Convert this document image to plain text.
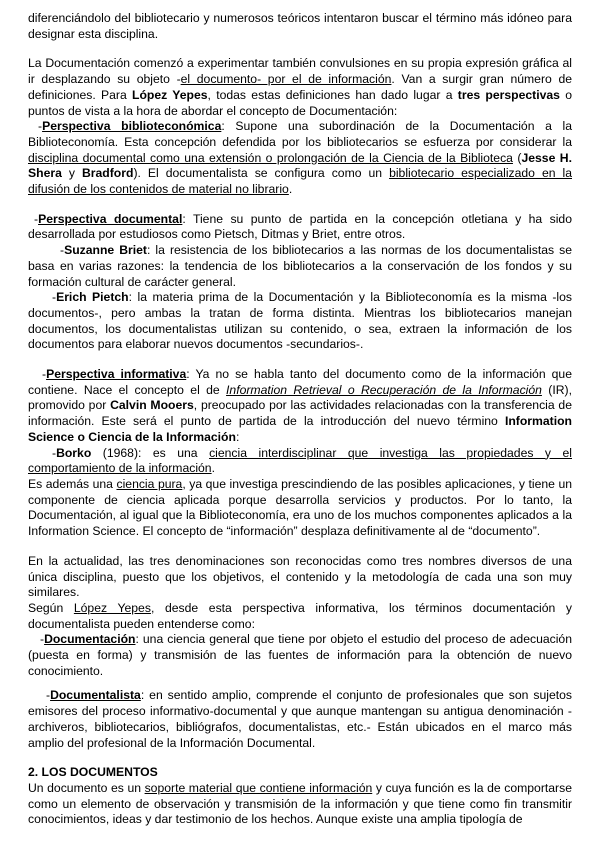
diferenciándolo del bibliotecario y numerosos teóricos intentaron buscar el término más idóneo para designar esta disciplina.

La Documentación comenzó a experimentar también convulsiones en su propia expresión gráfica al ir desplazando su objeto -el documento- por el de información. Van a surgir gran número de definiciones. Para López Yepes, todas estas definiciones han dado lugar a tres perspectivas o puntos de vista a la hora de abordar el concepto de Documentación:

-Perspectiva biblioteconómica: Supone una subordinación de la Documentación a la Biblioteconomía. Esta concepción defendida por los bibliotecarios se esfuerza por considerar la disciplina documental como una extensión o prolongación de la Ciencia de la Biblioteca (Jesse H. Shera y Bradford). El documentalista se configura como un bibliotecario especializado en la difusión de los contenidos de material no librario.

-Perspectiva documental: Tiene su punto de partida en la concepción otletiana y ha sido desarrollada por estudiosos como Pietsch, Ditmas y Briet, entre otros.

-Suzanne Briet: la resistencia de los bibliotecarios a las normas de los documentalistas se basa en varias razones: la tendencia de los bibliotecarios a la conservación de los fondos y su formación cultural de carácter general.

-Erich Pietch: la materia prima de la Documentación y la Biblioteconomía es la misma -los documentos-, pero ambas la tratan de forma distinta. Mientras los bibliotecarios manejan documentos, los documentalistas utilizan su contenido, o sea, extraen la información de los documentos para elaborar nuevos documentos -secundarios-.

-Perspectiva informativa: Ya no se habla tanto del documento como de la información que contiene. Nace el concepto el de Information Retrieval o Recuperación de la Información (IR), promovido por Calvin Mooers, preocupado por las actividades relacionadas con la transferencia de información. Este será el punto de partida de la introducción del nuevo término Information Science o Ciencia de la Información:

-Borko (1968): es una ciencia interdisciplinar que investiga las propiedades y el comportamiento de la información.

Es además una ciencia pura, ya que investiga prescindiendo de las posibles aplicaciones, y tiene un componente de ciencia aplicada porque desarrolla servicios y productos. Por lo tanto, la Documentación, al igual que la Biblioteconomía, era uno de los muchos componentes aplicados a la Information Science. El concepto de “información” desplaza definitivamente al de “documento”.

En la actualidad, las tres denominaciones son reconocidas como tres nombres diversos de una única disciplina, puesto que los objetivos, el contenido y la metodología de cada una son muy similares.

Según López Yepes, desde esta perspectiva informativa, los términos documentación y documentalista pueden entenderse como:

-Documentación: una ciencia general que tiene por objeto el estudio del proceso de adecuación (puesta en forma) y transmisión de las fuentes de información para la obtención de nuevo conocimiento.

-Documentalista: en sentido amplio, comprende el conjunto de profesionales que son sujetos emisores del proceso informativo-documental y que aunque mantengan su antigua denominación -archiveros, bibliotecarios, bibliógrafos, documentalistas, etc.- Están ubicados en el marco más amplio del profesional de la Información Documental.

2. LOS DOCUMENTOS

Un documento es un soporte material que contiene información y cuya función es la de comportarse como un elemento de observación y transmisión de la información y que tiene como fin transmitir conocimientos, ideas y dar testimonio de los hechos. Aunque existe una amplia tipología de
